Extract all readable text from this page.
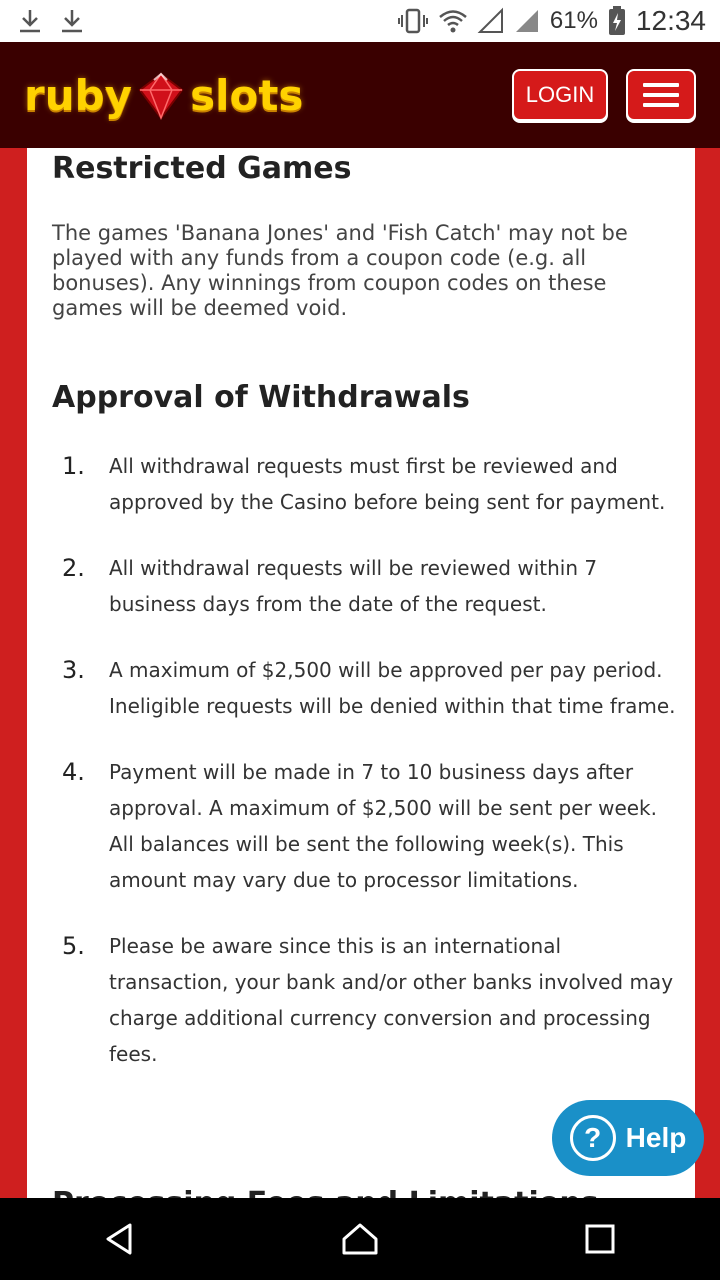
61% 12:34
ruby slots	LOGIN
Restricted Games

The games 'Banana Jones' and 'Fish Catch' may not be played with any funds from a coupon code (e.g. all bonuses). Any winnings from coupon codes on these games will be deemed void.

Approval of Withdrawals
1.	All withdrawal requests must first be reviewed and approved by the Casino before being sent for payment.
2.	All withdrawal requests will be reviewed within 7 business days from the date of the request.
3.	A maximum of $2,500 will be approved per pay period. Ineligible requests will be denied within that time frame.
4.	Payment will be made in 7 to 10 business days after approval. A maximum of $2,500 will be sent per week. All balances will be sent the following week(s). This amount may vary due to processor limitations.
5.	Please be aware since this is an international transaction, your bank and/or other banks involved may charge additional currency conversion and processing fees.
? Help
